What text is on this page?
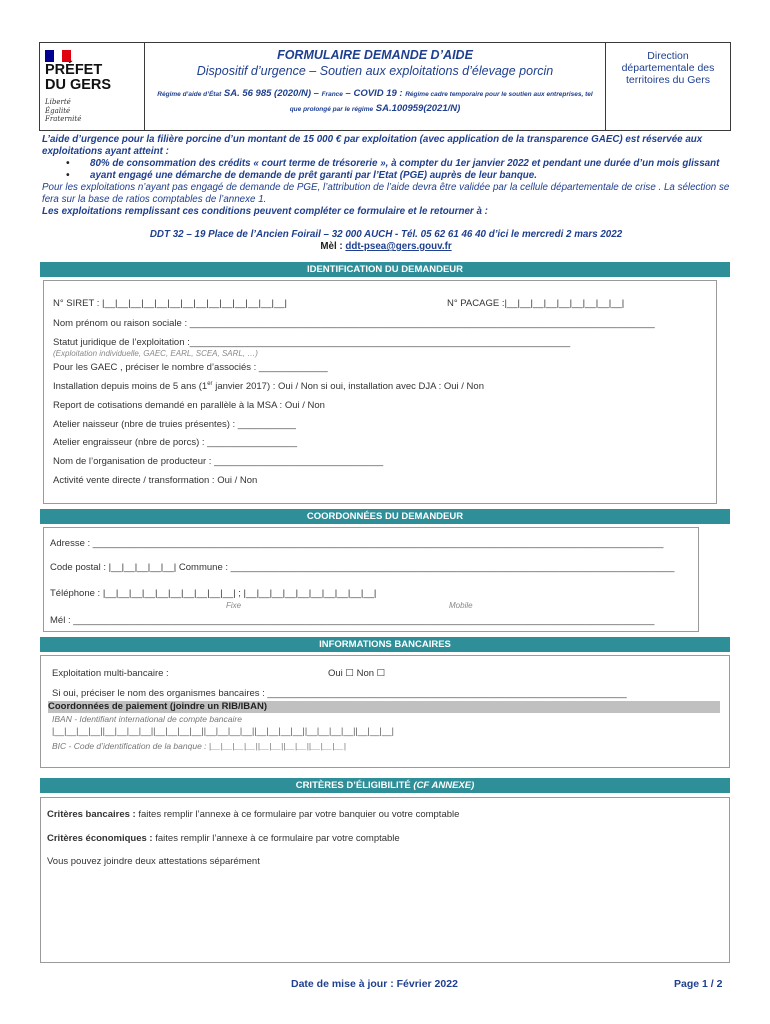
PRÉFET
DU GERS
Liberté
Égalité
Fraternité
FORMULAIRE DEMANDE D’AIDE
Dispositif d’urgence – Soutien aux exploitations d’élevage porcin
Régime d’aide d’État SA. 56 985 (2020/N) – France – COVID 19 : Régime cadre temporaire pour le soutien aux entreprises, tel que prolongé par le régime SA.100959(2021/N)
Direction départementale des territoires du Gers
L’aide d’urgence pour la filière porcine d’un montant de 15 000 € par exploitation (avec application de la transparence GAEC) est réservée aux exploitations ayant atteint :
• 80% de consommation des crédits « court terme de trésorerie », à compter du 1er janvier 2022 et pendant une durée d’un mois glissant
• ayant engagé une démarche de demande de prêt garanti par l’Etat (PGE) auprès de leur banque.
Pour les exploitations n’ayant pas engagé de demande de PGE, l’attribution de l’aide devra être validée par la cellule départementale de crise . La sélection se fera sur la base de ratios comptables de l’annexe 1.
Les exploitations remplissant ces conditions peuvent compléter ce formulaire et le retourner à :
DDT 32 – 19 Place de l’Ancien Foirail – 32 000 AUCH - Tél. 05 62 61 46 40 d’ici le mercredi 2 mars 2022
Mèl : ddt-psea@gers.gouv.fr
IDENTIFICATION DU DEMANDEUR
N° SIRET : |__|__|__|__|__|__|__|__|__|__|__|__|__|__|	N° PACAGE :|__|__|__|__|__|__|__|__|__|
Nom prénom ou raison sociale : ________________________________________________________________________________________
Statut juridique de l’exploitation :________________________________________________________________________
(Exploitation individuelle, GAEC, EARL, SCEA, SARL, …)
Pour les GAEC , préciser le nombre d’associés : _____________
Installation depuis moins de 5 ans (1er janvier 2017) : Oui / Non si oui, installation avec DJA : Oui / Non
Report de cotisations demandé en parallèle à la MSA : Oui / Non
Atelier naisseur (nbre de truies présentes) : ___________
Atelier engraisseur (nbre de porcs) : _________________
Nom de l’organisation de producteur : ________________________________
Activité vente directe / transformation : Oui / Non
COORDONNÉES DU DEMANDEUR
Adresse : ____________________________________________________________________________________________________________
Code postal : |__|__|__|__|__| Commune : ____________________________________________________________________________________
Téléphone : |__|__|__|__|__|__|__|__|__|__| ; |__|__|__|__|__|__|__|__|__|__|
Fixe	Mobile
Mél : ______________________________________________________________________________________________________________
INFORMATIONS BANCAIRES
Exploitation multi-bancaire :	Oui ☐ Non ☐
Si oui, préciser le nom des organismes bancaires : ____________________________________________________________________
Coordonnées de paiement (joindre un RIB/IBAN)
IBAN - Identifiant international de compte bancaire
|__|__|__|__||__|__|__|__||__|__|__|__||__|__|__|__||__|__|__|__||__|__|__|__||__|__|__|
BIC - Code d’identification de la banque : |__|__|__|__||__|__||__|__||__|__|__|
CRITÈRES D’ÉLIGIBILITÉ (CF ANNEXE)
Critères bancaires : faites remplir l’annexe à ce formulaire par votre banquier ou votre comptable
Critères économiques : faites remplir l’annexe à ce formulaire par votre comptable
Vous pouvez joindre deux attestations séparément
Date de mise à jour : Février 2022	Page 1 / 2
